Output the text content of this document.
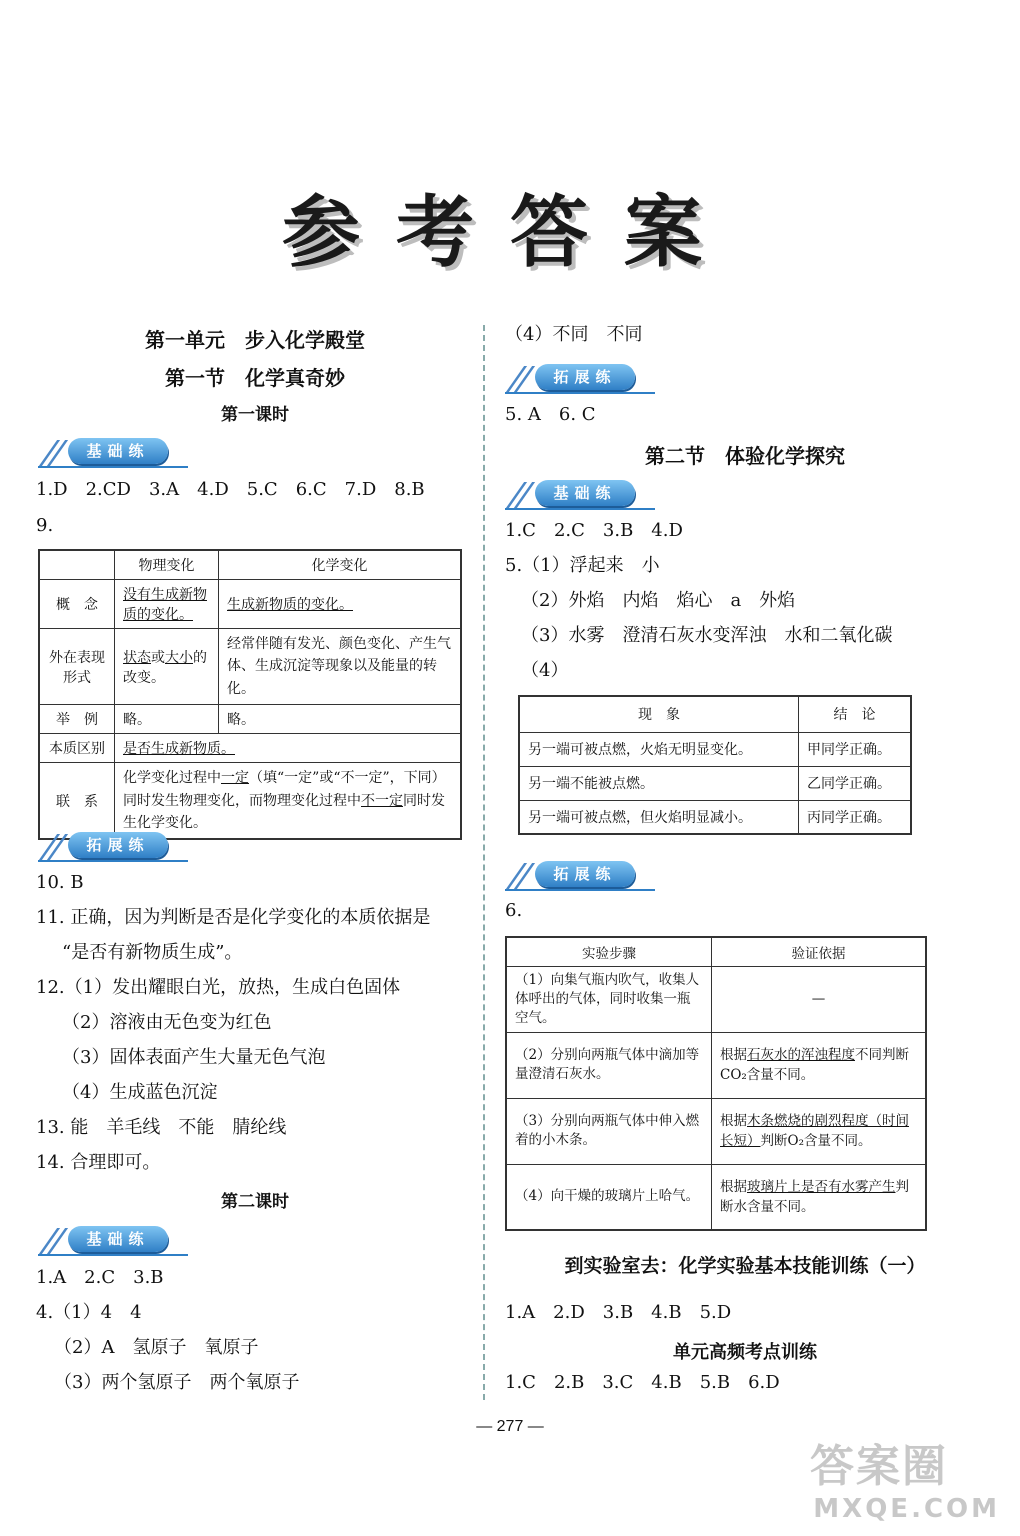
参考答案
第一单元　步入化学殿堂
第一节　化学真奇妙
第一课时
基础练
1.D　2.CD　3.A　4.D　5.C　6.C　7.D　8.B
9.
	物理变化	化学变化
概　念	没有生成新物质的变化。	生成新物质的变化。
外在表现形式	状态或大小的改变。	经常伴随有发光、颜色变化、产生气体、生成沉淀等现象以及能量的转化。
举　例	略。	略。
本质区别	是否生成新物质。	
联　系	化学变化过程中一定（填“一定”或“不一定”，下同）同时发生物理变化，而物理变化过程中不一定同时发生化学变化。	
拓展练
10. B
11. 正确，因为判断是否是化学变化的本质依据是
“是否有新物质生成”。
12.（1）发出耀眼白光，放热，生成白色固体
（2）溶液由无色变为红色
（3）固体表面产生大量无色气泡
（4）生成蓝色沉淀
13. 能　羊毛线　不能　腈纶线
14. 合理即可。
第二课时
基础练
1.A　2.C　3.B
4.（1）4　4
（2）A　氢原子　氧原子
（3）两个氢原子　两个氧原子
（4）不同　不同
拓展练
5. A　6. C
第二节　体验化学探究
基础练
1.C　2.C　3.B　4.D
5.（1）浮起来　小
（2）外焰　内焰　焰心　a　外焰
（3）水雾　澄清石灰水变浑浊　水和二氧化碳
（4）
现　象	结　论
另一端可被点燃，火焰无明显变化。	甲同学正确。
另一端不能被点燃。	乙同学正确。
另一端可被点燃，但火焰明显减小。	丙同学正确。
拓展练
6.
实验步骤	验证依据
（1）向集气瓶内吹气，收集人体呼出的气体，同时收集一瓶空气。	—
（2）分别向两瓶气体中滴加等量澄清石灰水。	根据石灰水的浑浊程度不同判断CO₂含量不同。
（3）分别向两瓶气体中伸入燃着的小木条。	根据木条燃烧的剧烈程度（时间长短）判断O₂含量不同。
（4）向干燥的玻璃片上哈气。	根据玻璃片上是否有水雾产生判断水含量不同。
到实验室去：化学实验基本技能训练（一）
1.A　2.D　3.B　4.B　5.D
单元高频考点训练
1.C　2.B　3.C　4.B　5.B　6.D
— 277 —
答案圈
MXQE.COM
